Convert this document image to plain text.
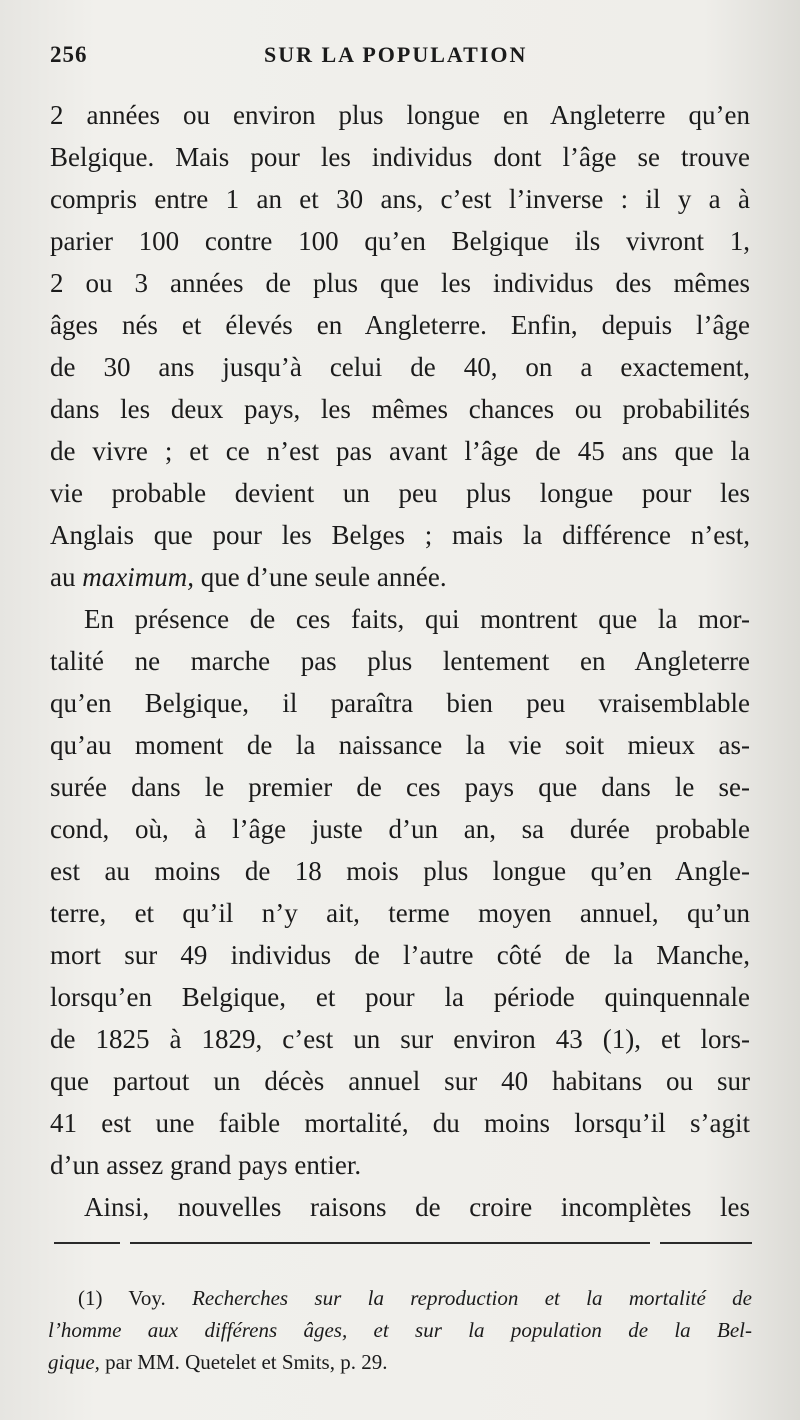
256	SUR LA POPULATION
2 années ou environ plus longue en Angleterre qu’en
Belgique. Mais pour les individus dont l’âge se trouve
compris entre 1 an et 30 ans, c’est l’inverse : il y a à
parier 100 contre 100 qu’en Belgique ils vivront 1,
2 ou 3 années de plus que les individus des mêmes
âges nés et élevés en Angleterre. Enfin, depuis l’âge
de 30 ans jusqu’à celui de 40, on a exactement,
dans les deux pays, les mêmes chances ou probabilités
de vivre ; et ce n’est pas avant l’âge de 45 ans que la
vie probable devient un peu plus longue pour les
Anglais que pour les Belges ; mais la différence n’est,
au maximum, que d’une seule année.
En présence de ces faits, qui montrent que la mor-
talité ne marche pas plus lentement en Angleterre
qu’en Belgique, il paraîtra bien peu vraisemblable
qu’au moment de la naissance la vie soit mieux as-
surée dans le premier de ces pays que dans le se-
cond, où, à l’âge juste d’un an, sa durée probable
est au moins de 18 mois plus longue qu’en Angle-
terre, et qu’il n’y ait, terme moyen annuel, qu’un
mort sur 49 individus de l’autre côté de la Manche,
lorsqu’en Belgique, et pour la période quinquennale
de 1825 à 1829, c’est un sur environ 43 (1), et lors-
que partout un décès annuel sur 40 habitans ou sur
41 est une faible mortalité, du moins lorsqu’il s’agit
d’un assez grand pays entier.
Ainsi, nouvelles raisons de croire incomplètes les
(1) Voy. Recherches sur la reproduction et la mortalité de
l’homme aux différens âges, et sur la population de la Bel-
gique, par MM. Quetelet et Smits, p. 29.
